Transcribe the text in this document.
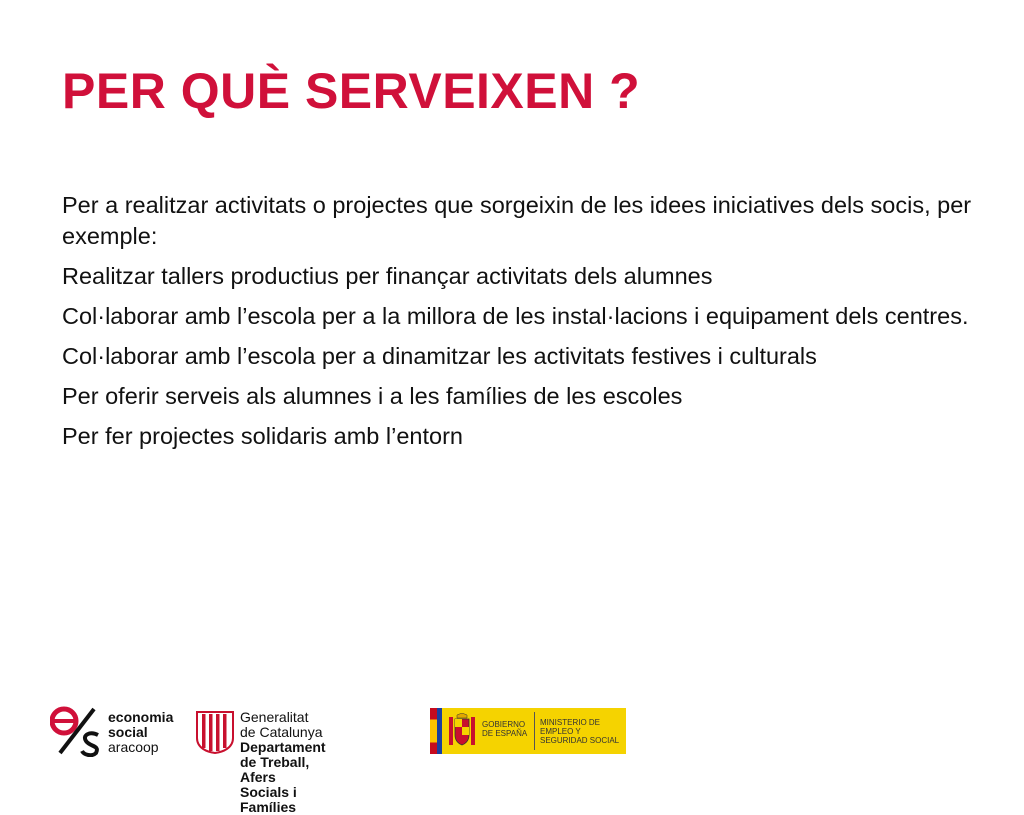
PER QUÈ SERVEIXEN ?

Per a realitzar activitats o projectes que sorgeixin de les idees iniciatives dels socis, per exemple:

Realitzar tallers productius per finançar activitats dels alumnes

Col·laborar amb l’escola per a la millora de les instal·lacions i equipament dels centres.

Col·laborar amb l’escola per a dinamitzar les activitats festives i culturals

Per oferir serveis als alumnes i a les famílies de les escoles

Per fer projectes solidaris amb l’entorn

economia
social
aracoop
Generalitat de Catalunya
Departament de Treball,
Afers Socials i Famílies
GOBIERNO DE ESPAÑA
MINISTERIO DE EMPLEO Y SEGURIDAD SOCIAL
